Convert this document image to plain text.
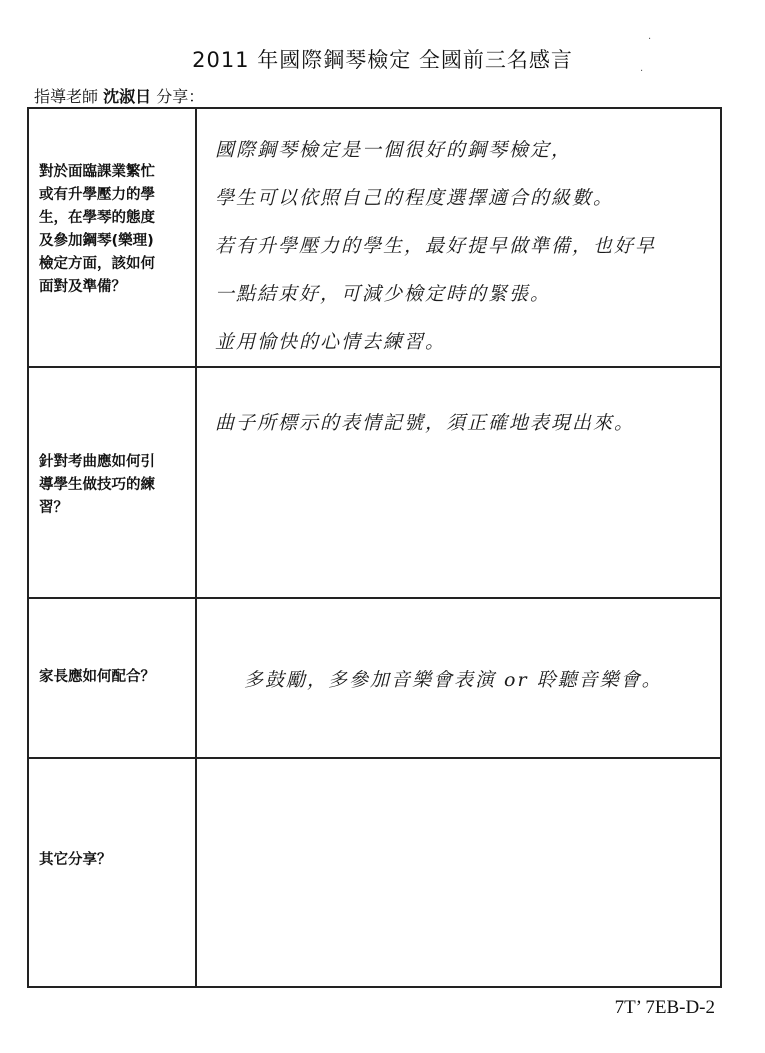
2011 年國際鋼琴檢定 全國前三名感言
指導老師 沈淑日 分享：
對於面臨課業繁忙
或有升學壓力的學
生，在學琴的態度
及參加鋼琴(樂理)
檢定方面，該如何
面對及準備？
國際鋼琴檢定是一個很好的鋼琴檢定，
學生可以依照自己的程度選擇適合的級數。
若有升學壓力的學生，最好提早做準備，也好早
一點結束好，可減少檢定時的緊張。
並用愉快的心情去練習。
針對考曲應如何引
導學生做技巧的練
習？
曲子所標示的表情記號，須正確地表現出來。
家長應如何配合？	多鼓勵，多參加音樂會表演 or 聆聽音樂會。
其它分享？
7T’ 7EB-D-2
·
·
